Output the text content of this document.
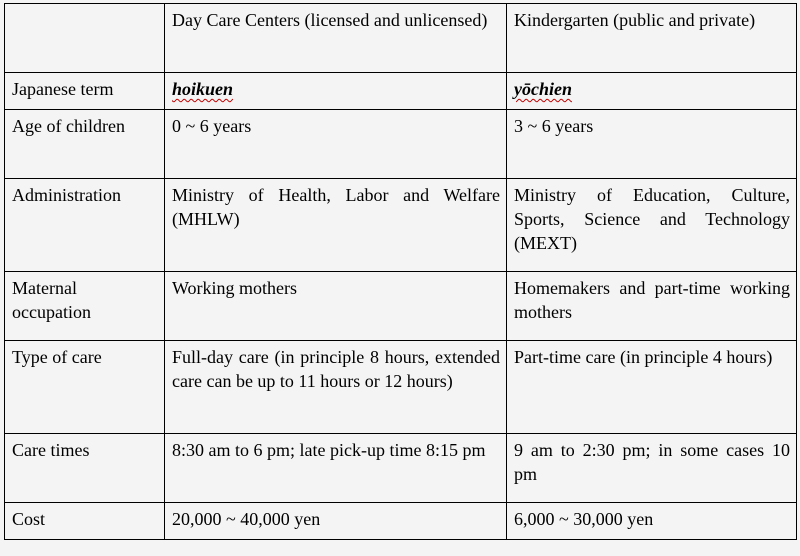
	Day Care Centers (licensed and unlicensed)	Kindergarten (public and private)
Japanese term	hoikuen	yōchien
Age of children	0 ~ 6 years	3 ~ 6 years
Administration	Ministry of Health, Labor and Welfare (MHLW)	Ministry of Education, Culture, Sports, Science and Technology (MEXT)
Maternal occupation	Working mothers	Homemakers and part-time working mothers
Type of care	Full-day care (in principle 8 hours, extended care can be up to 11 hours or 12 hours)	Part-time care (in principle 4 hours)
Care times	8:30 am to 6 pm; late pick-up time 8:15 pm	9 am to 2:30 pm; in some cases 10 pm
Cost	20,000 ~ 40,000 yen	6,000 ~ 30,000 yen
